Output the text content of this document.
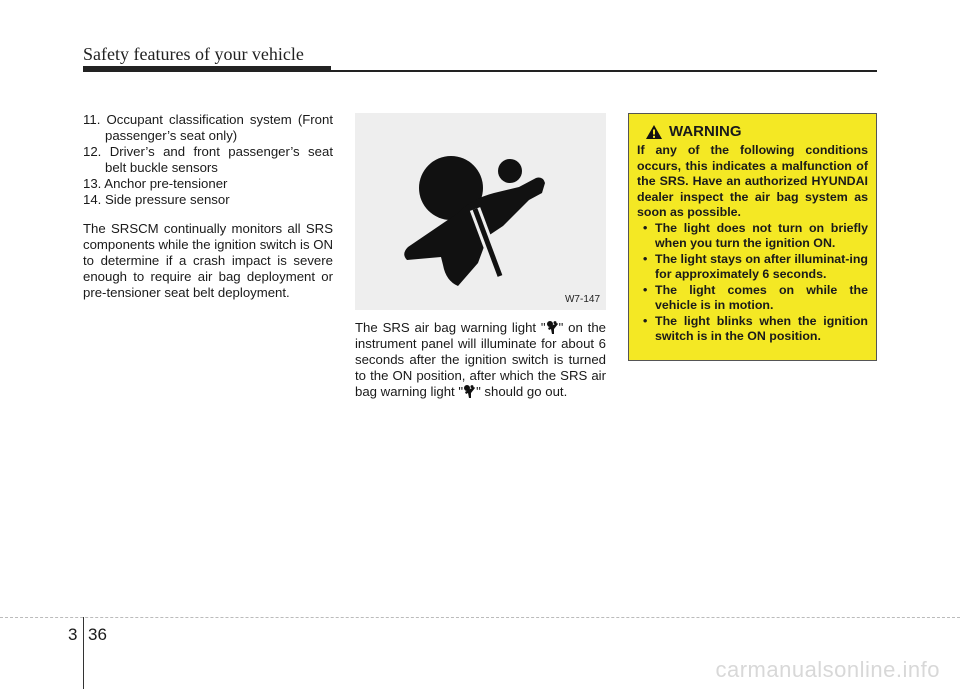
Safety features of your vehicle

11. Occupant classification system (Front passenger’s seat only)

12. Driver’s and front passenger’s seat belt buckle sensors

13. Anchor pre-tensioner

14. Side pressure sensor

The SRSCM continually monitors all SRS components while the ignition switch is ON to determine if a crash impact is severe enough to require air bag deployment or pre-tensioner seat belt deployment.	W7-147
The SRS air bag warning light " " on the instrument panel will illuminate for about 6 seconds after the ignition switch is turned to the ON position, after which the SRS air bag warning light " " should go out.
WARNING
If any of the following conditions occurs, this indicates a malfunction of the SRS. Have an authorized HYUNDAI dealer inspect the air bag system as soon as possible.
• The light does not turn on briefly when you turn the ignition ON.
• The light stays on after illuminat-ing for approximately 6 seconds.
• The light comes on while the vehicle is in motion.
• The light blinks when the ignition switch is in the ON position.
3 36
carmanualsonline.info
